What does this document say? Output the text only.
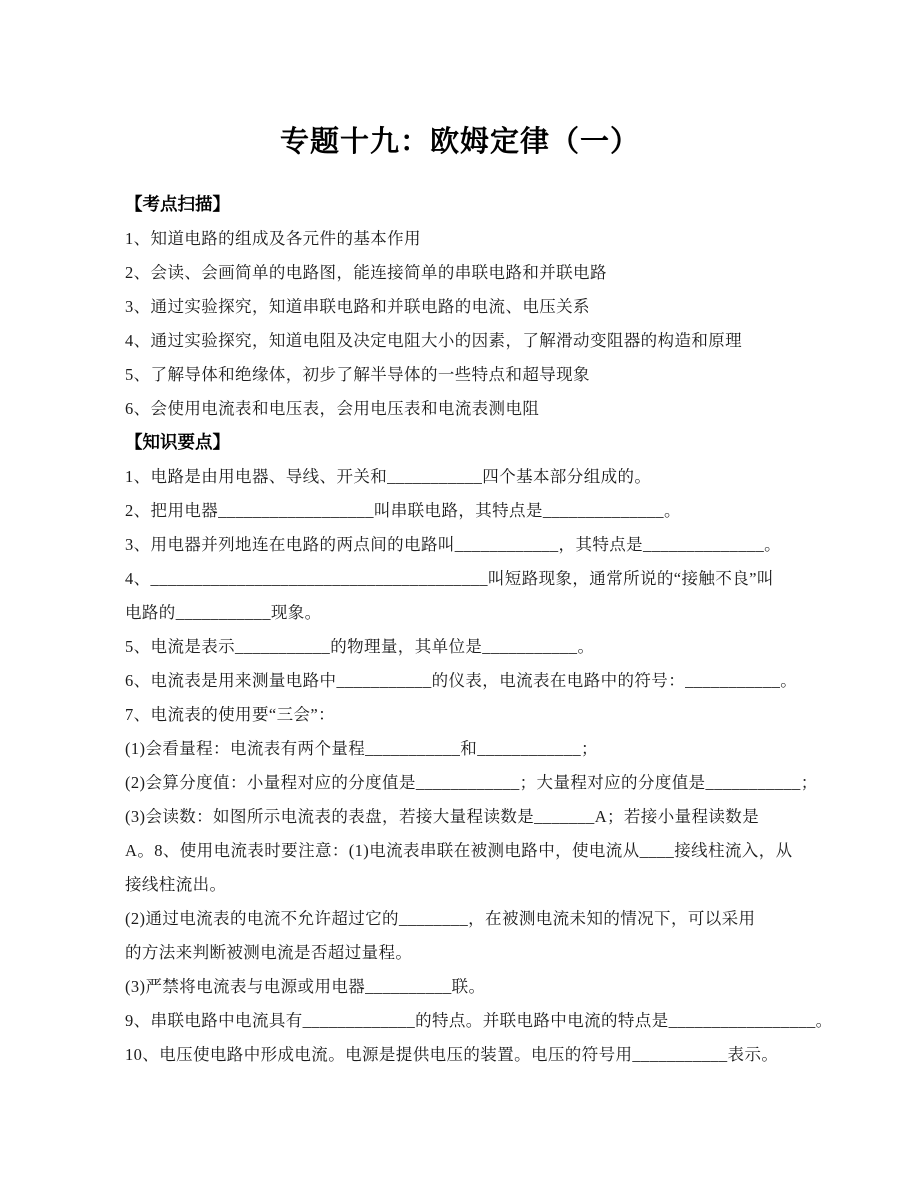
专题十九：欧姆定律（一）
【考点扫描】
1、知道电路的组成及各元件的基本作用
2、会读、会画简单的电路图，能连接简单的串联电路和并联电路
3、通过实验探究，知道串联电路和并联电路的电流、电压关系
4、通过实验探究，知道电阻及决定电阻大小的因素，了解滑动变阻器的构造和原理
5、了解导体和绝缘体，初步了解半导体的一些特点和超导现象
6、会使用电流表和电压表，会用电压表和电流表测电阻
【知识要点】
1、电路是由用电器、导线、开关和___________四个基本部分组成的。
2、把用电器__________________叫串联电路，其特点是______________。
3、用电器并列地连在电路的两点间的电路叫____________，其特点是______________。
4、_______________________________________叫短路现象，通常所说的“接触不良”叫
电路的___________现象。
5、电流是表示___________的物理量，其单位是___________。
6、电流表是用来测量电路中___________的仪表，电流表在电路中的符号：___________。
7、电流表的使用要“三会”：
(1)会看量程：电流表有两个量程___________和____________；
(2)会算分度值：小量程对应的分度值是____________；大量程对应的分度值是___________；
(3)会读数：如图所示电流表的表盘，若接大量程读数是_______A；若接小量程读数是
A。8、使用电流表时要注意：(1)电流表串联在被测电路中，使电流从____接线柱流入，从
接线柱流出。
(2)通过电流表的电流不允许超过它的________，在被测电流未知的情况下，可以采用
的方法来判断被测电流是否超过量程。
(3)严禁将电流表与电源或用电器__________联。
9、串联电路中电流具有_____________的特点。并联电路中电流的特点是_________________。
10、电压使电路中形成电流。电源是提供电压的装置。电压的符号用___________表示。
